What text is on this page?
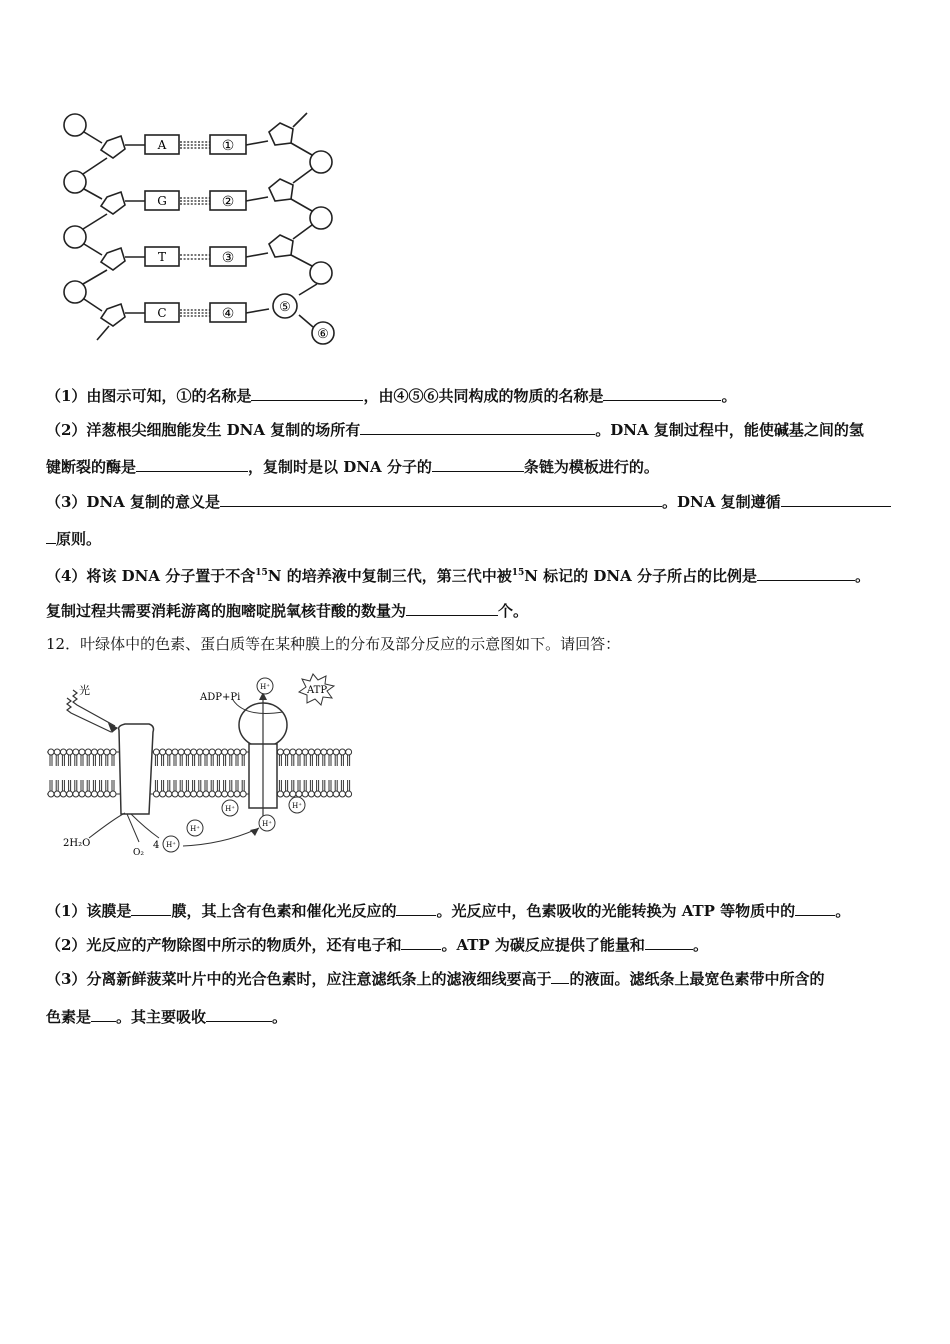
A
G
T
C
①
②
③
④	⑤
⑥
（1）由图示可知，①的名称是	，由④⑤⑥共同构成的物质的名称是	。
（2）洋葱根尖细胞能发生 DNA 复制的场所有	。DNA 复制过程中，能使碱基之间的氢
键断裂的酶是	，复制时是以 DNA 分子的	条链为模板进行的。
（3）DNA 复制的意义是	。DNA 复制遵循
原则。
（4）将该 DNA 分子置于不含$^{15}$N 的培养液中复制三代，第三代中被$^{15}$N 标记的 DNA 分子所占的比例是	。
复制过程共需要消耗游离的胞嘧啶脱氧核苷酸的数量为	个。
12．叶绿体中的色素、蛋白质等在某种膜上的分布及部分反应的示意图如下。请回答：
光
ADP+Pi
ATP
H⁺
H⁺	H⁺
H⁺
H⁺
H⁺
2H₂O
O₂
4
（1）该膜是	膜，其上含有色素和催化光反应的	。光反应中，色素吸收的光能转换为 ATP 等物质中的	。
（2）光反应的产物除图中所示的物质外，还有电子和	。ATP 为碳反应提供了能量和	。
（3）分离新鲜菠菜叶片中的光合色素时，应注意滤纸条上的滤液细线要高于 的液面。滤纸条上最宽色素带中所含的
色素是 。其主要吸收	。
